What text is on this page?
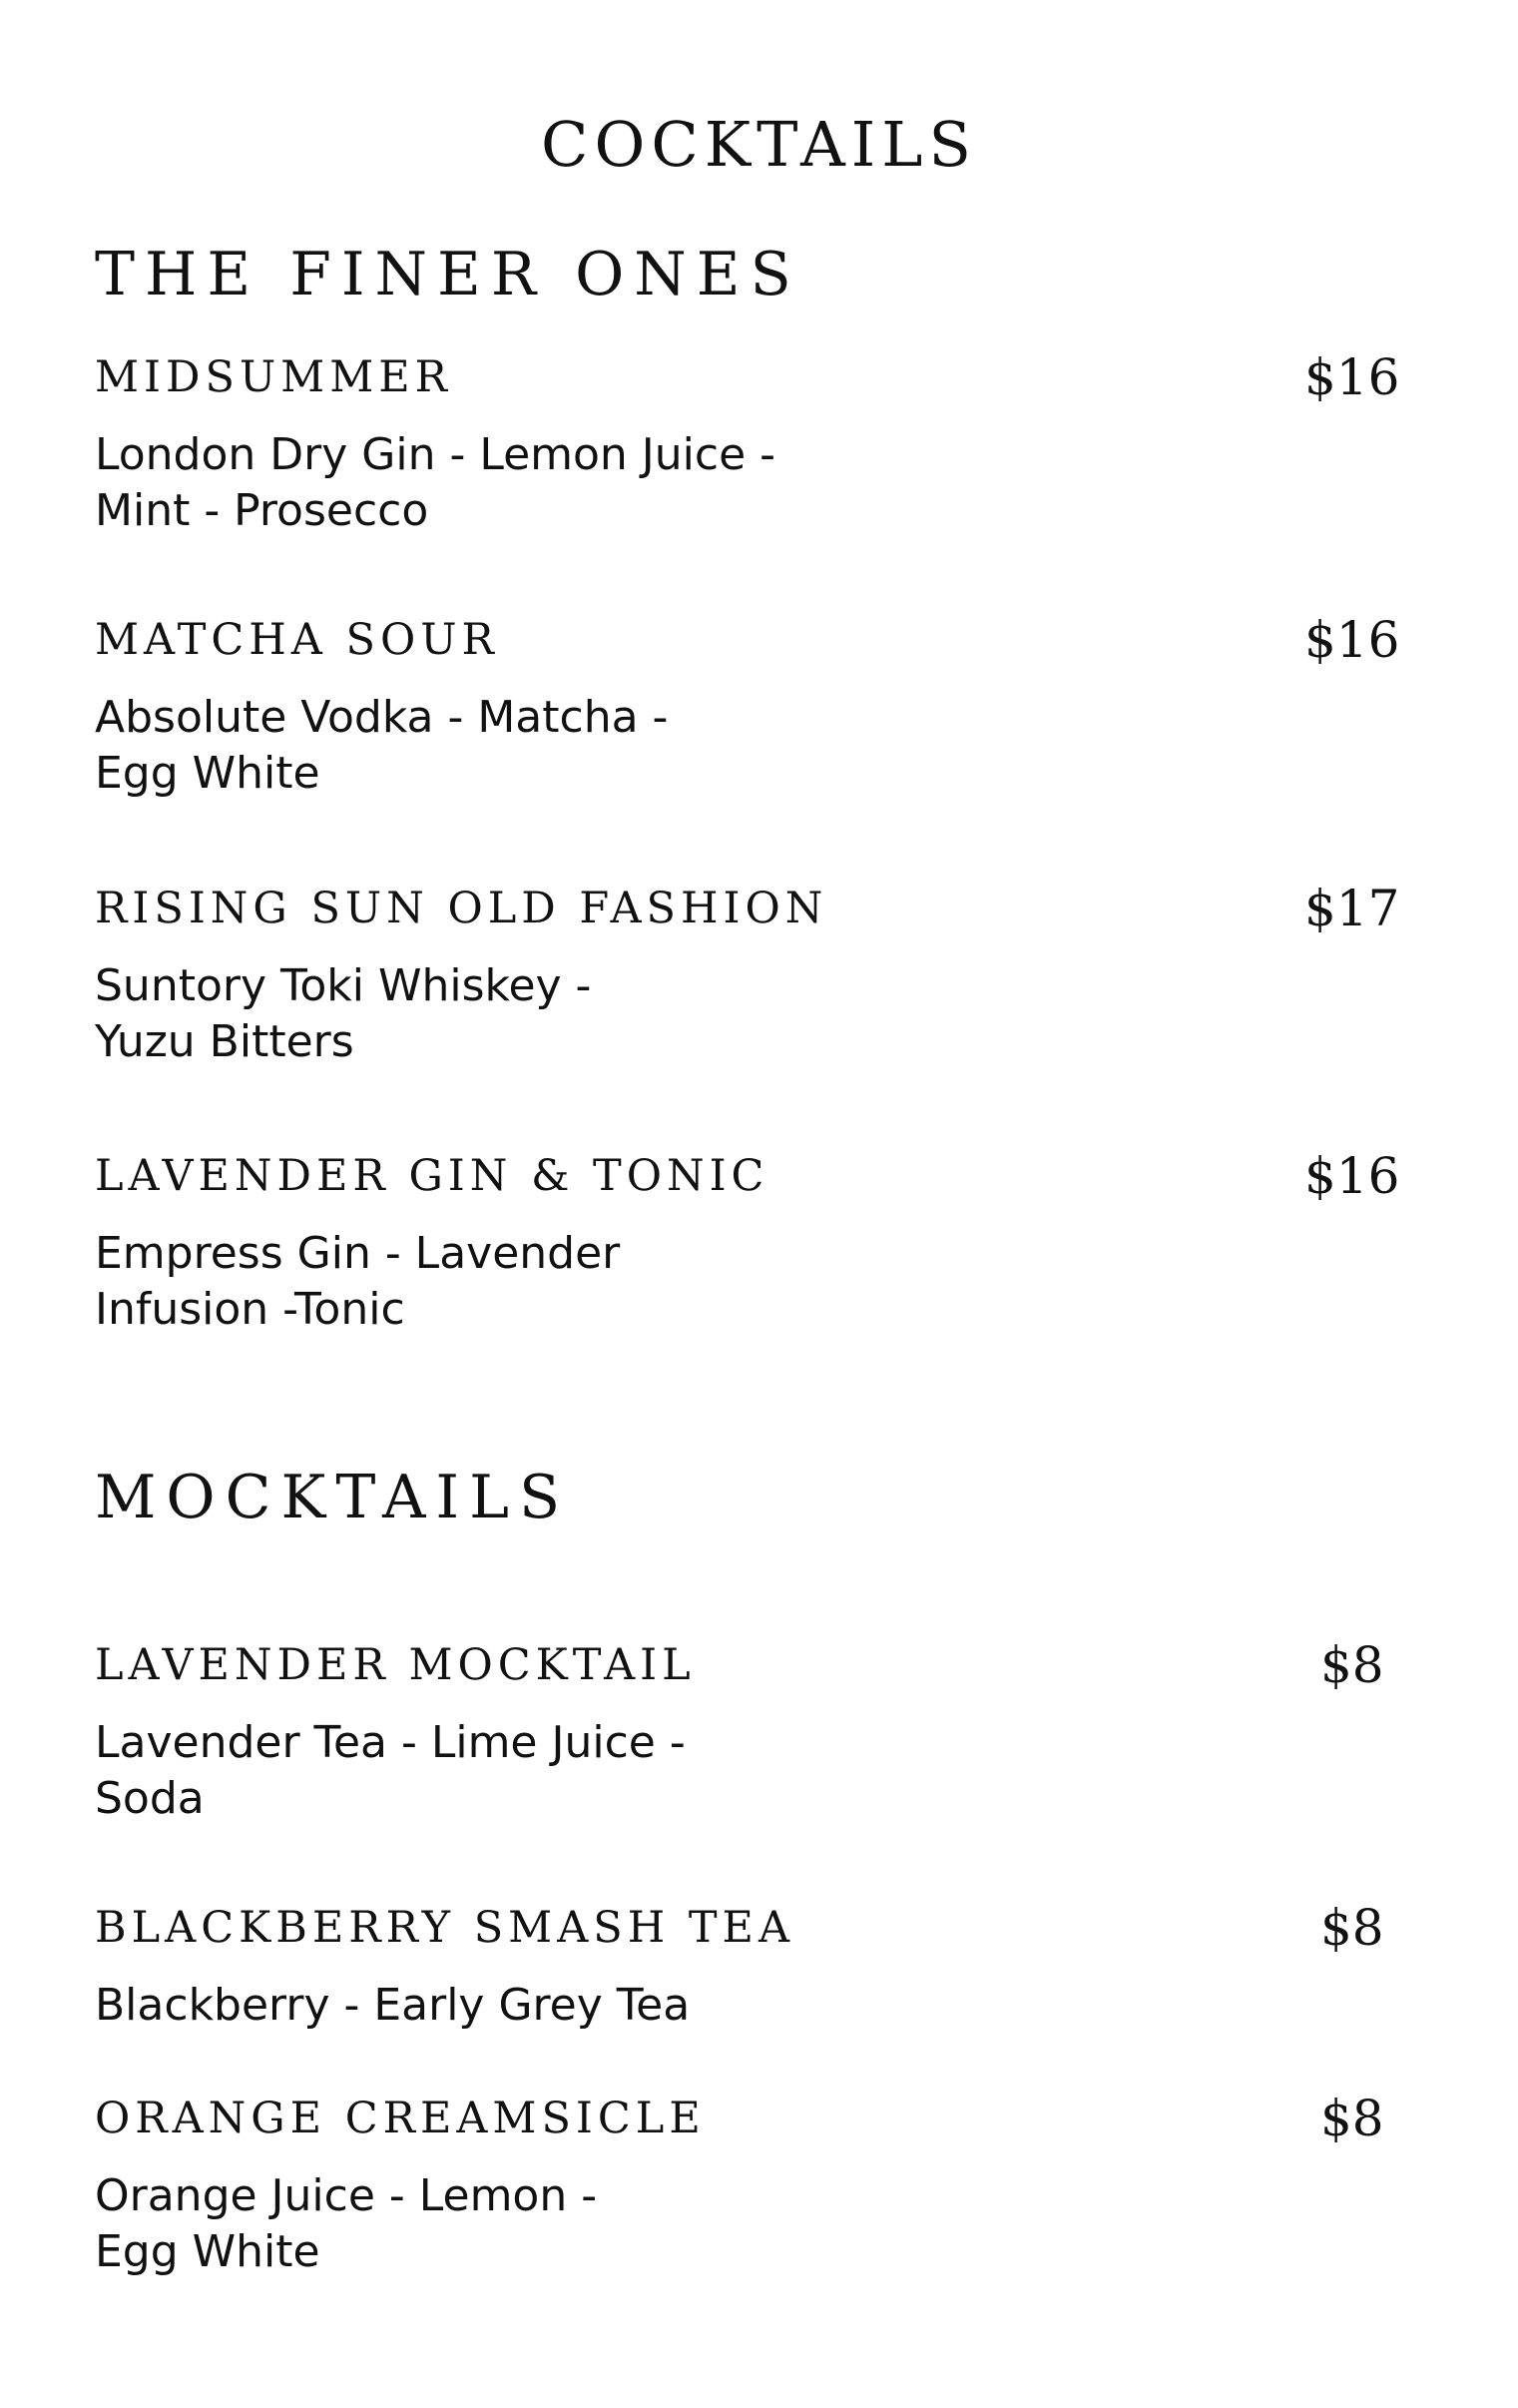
COCKTAILS
THE FINER ONES
MIDSUMMER	$16
London Dry Gin - Lemon Juice -
Mint - Prosecco
MATCHA SOUR	$16
Absolute Vodka - Matcha -
Egg White
RISING SUN OLD FASHION	$17
Suntory Toki Whiskey -
Yuzu Bitters
LAVENDER GIN & TONIC	$16
Empress Gin - Lavender
Infusion -Tonic
MOCKTAILS
LAVENDER MOCKTAIL	$8
Lavender Tea - Lime Juice -
Soda
BLACKBERRY SMASH TEA	$8
Blackberry - Early Grey Tea
ORANGE CREAMSICLE	$8
Orange Juice - Lemon -
Egg White
